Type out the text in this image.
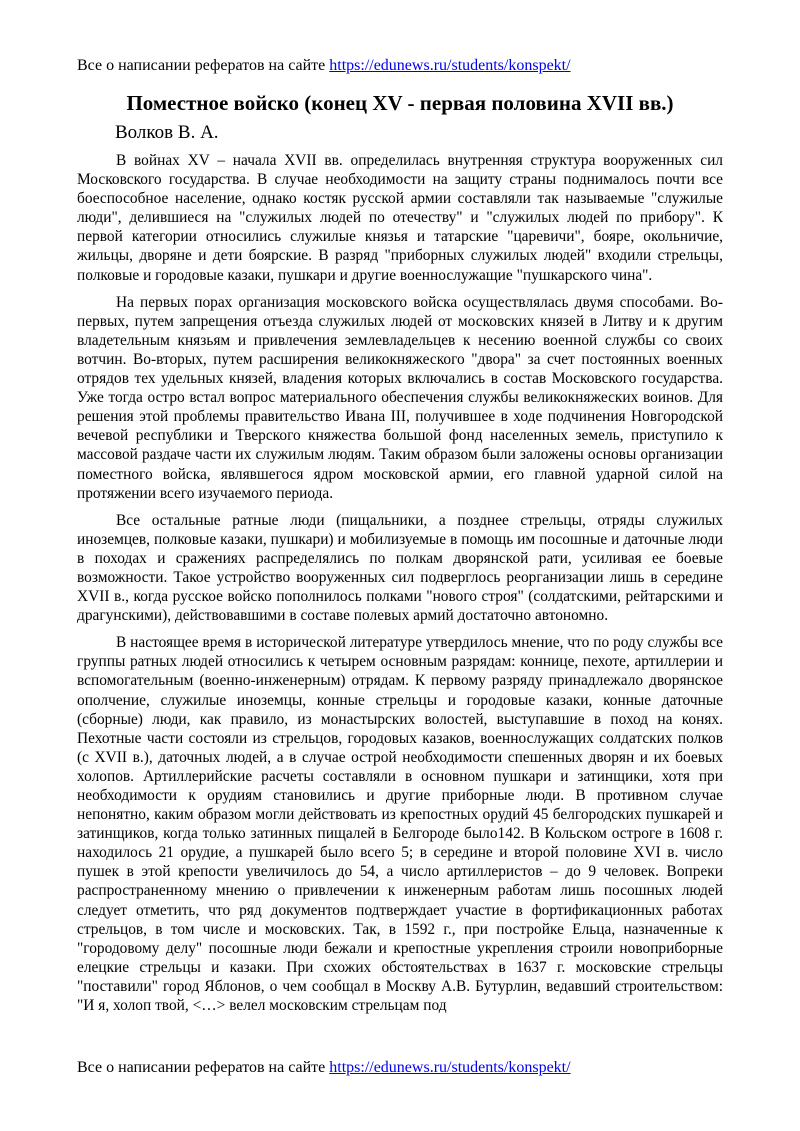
Все о написании рефератов на сайте https://edunews.ru/students/konspekt/
Поместное войско (конец XV - первая половина XVII вв.)
Волков В. А.

В войнах XV – начала XVII вв. определилась внутренняя структура вооруженных сил Московского государства. В случае необходимости на защиту страны поднималось почти все боеспособное население, однако костяк русской армии составляли так называемые "служилые люди", делившиеся на "служилых людей по отечеству" и "служилых людей по прибору". К первой категории относились служилые князья и татарские "царевичи", бояре, окольничие, жильцы, дворяне и дети боярские. В разряд "приборных служилых людей" входили стрельцы, полковые и городовые казаки, пушкари и другие военнослужащие "пушкарского чина".

На первых порах организация московского войска осуществлялась двумя способами. Во-первых, путем запрещения отъезда служилых людей от московских князей в Литву и к другим владетельным князьям и привлечения землевладельцев к несению военной службы со своих вотчин. Во-вторых, путем расширения великокняжеского "двора" за счет постоянных военных отрядов тех удельных князей, владения которых включались в состав Московского государства. Уже тогда остро встал вопрос материального обеспечения службы великокняжеских воинов. Для решения этой проблемы правительство Ивана III, получившее в ходе подчинения Новгородской вечевой республики и Тверского княжества большой фонд населенных земель, приступило к массовой раздаче части их служилым людям. Таким образом были заложены основы организации поместного войска, являвшегося ядром московской армии, его главной ударной силой на протяжении всего изучаемого периода.

Все остальные ратные люди (пищальники, а позднее стрельцы, отряды служилых иноземцев, полковые казаки, пушкари) и мобилизуемые в помощь им посошные и даточные люди в походах и сражениях распределялись по полкам дворянской рати, усиливая ее боевые возможности. Такое устройство вооруженных сил подверглось реорганизации лишь в середине XVII в., когда русское войско пополнилось полками "нового строя" (солдатскими, рейтарскими и драгунскими), действовавшими в составе полевых армий достаточно автономно.

В настоящее время в исторической литературе утвердилось мнение, что по роду службы все группы ратных людей относились к четырем основным разрядам: коннице, пехоте, артиллерии и вспомогательным (военно-инженерным) отрядам. К первому разряду принадлежало дворянское ополчение, служилые иноземцы, конные стрельцы и городовые казаки, конные даточные (сборные) люди, как правило, из монастырских волостей, выступавшие в поход на конях. Пехотные части состояли из стрельцов, городовых казаков, военнослужащих солдатских полков (с XVII в.), даточных людей, а в случае острой необходимости спешенных дворян и их боевых холопов. Артиллерийские расчеты составляли в основном пушкари и затинщики, хотя при необходимости к орудиям становились и другие приборные люди. В противном случае непонятно, каким образом могли действовать из крепостных орудий 45 белгородских пушкарей и затинщиков, когда только затинных пищалей в Белгороде было142. В Кольском остроге в 1608 г. находилось 21 орудие, а пушкарей было всего 5; в середине и второй половине XVI в. число пушек в этой крепости увеличилось до 54, а число артиллеристов – до 9 человек. Вопреки распространенному мнению о привлечении к инженерным работам лишь посошных людей следует отметить, что ряд документов подтверждает участие в фортификационных работах стрельцов, в том числе и московских. Так, в 1592 г., при постройке Ельца, назначенные к "городовому делу" посошные люди бежали и крепостные укрепления строили новоприборные елецкие стрельцы и казаки. При схожих обстоятельствах в 1637 г. московские стрельцы "поставили" город Яблонов, о чем сообщал в Москву А.В. Бутурлин, ведавший строительством: "И я, холоп твой, <…> велел московским стрельцам под

Все о написании рефератов на сайте https://edunews.ru/students/konspekt/
